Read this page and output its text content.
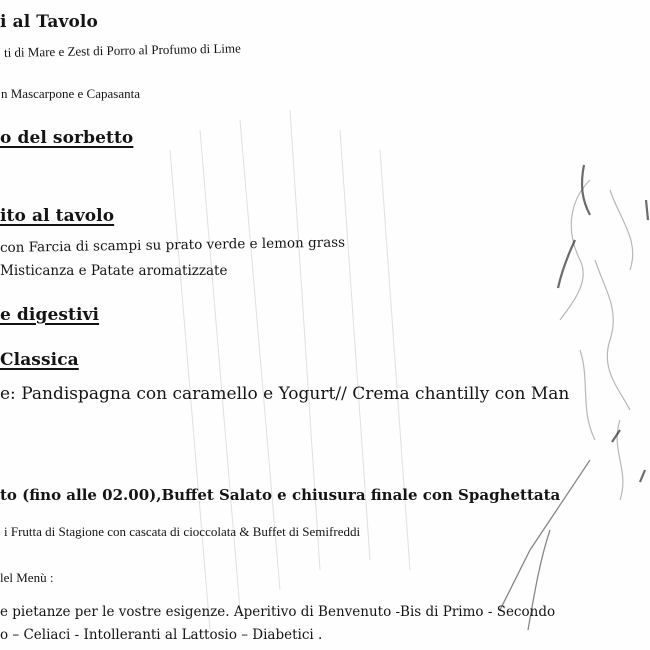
i al Tavolo
ti di Mare e Zest di Porro al Profumo di Lime
n Mascarpone e Capasanta
o del sorbetto
ito al tavolo
con Farcia di scampi su prato verde e lemon grass
Misticanza e Patate aromatizzate
e digestivi
Classica
e: Pandispagna con caramello e Yogurt// Crema chantilly con Man
to (fino alle 02.00),Buffet Salato e chiusura finale con Spaghettata
i Frutta di Stagione con cascata di cioccolata & Buffet di Semifreddi
lel Menù :
e pietanze per le vostre esigenze. Aperitivo di Benvenuto -Bis di Primo - Secondo
o – Celiaci - Intolleranti al Lattosio – Diabetici .
